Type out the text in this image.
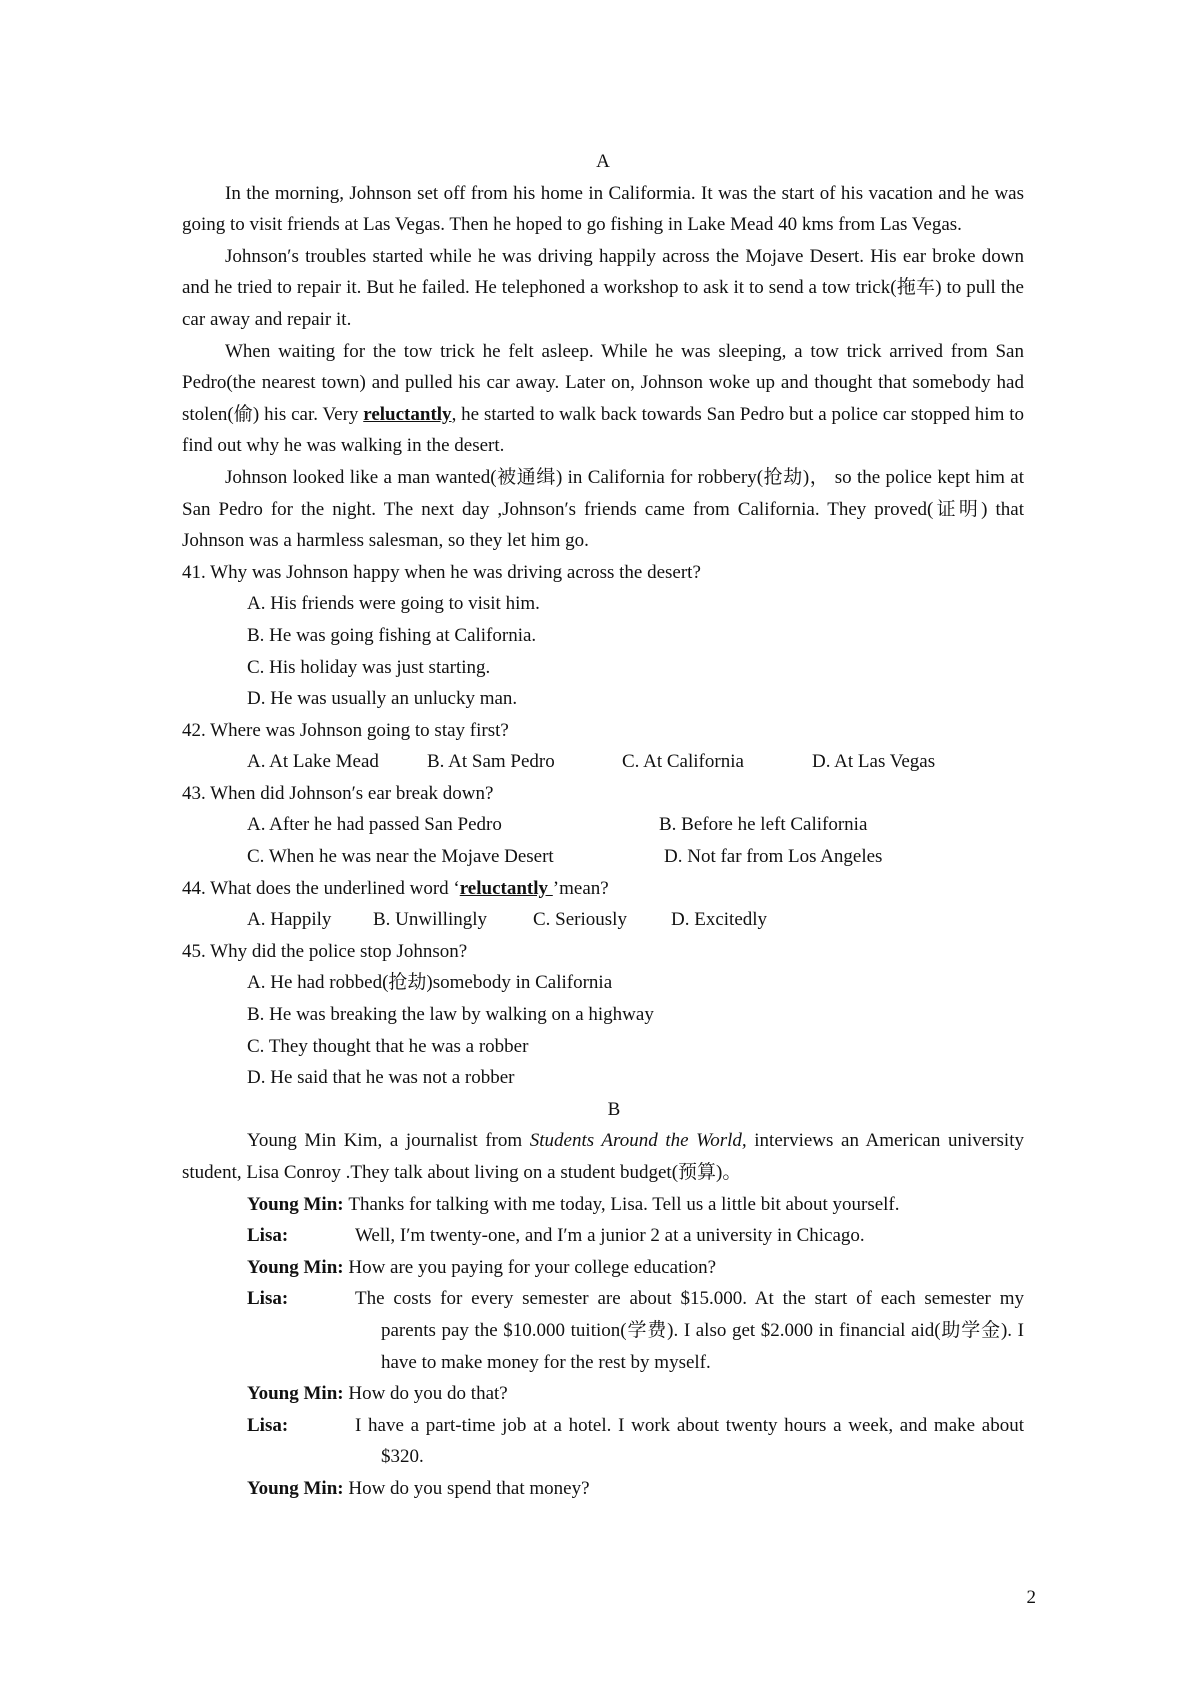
A
In the morning, Johnson set off from his home in Califormia. It was the start of his vacation and he was going to visit friends at Las Vegas. Then he hoped to go fishing in Lake Mead 40 kms from Las Vegas.
Johnson′s troubles started while he was driving happily across the Mojave Desert. His ear broke down and he tried to repair it. But he failed. He telephoned a workshop to ask it to send a tow trick(拖车) to pull the car away and repair it.
When waiting for the tow trick he felt asleep. While he was sleeping, a tow trick arrived from San Pedro(the nearest town) and pulled his car away. Later on, Johnson woke up and thought that somebody had stolen(偷) his car. Very reluctantly, he started to walk back towards San Pedro but a police car stopped him to find out why he was walking in the desert.
Johnson looked like a man wanted(被通缉) in California for robbery(抢劫)， so the police kept him at San Pedro for the night. The next day ,Johnson′s friends came from California. They proved(证明) that Johnson was a harmless salesman, so they let him go.
41. Why was Johnson happy when he was driving across the desert?
A. His friends were going to visit him.
B. He was going fishing at California.
C. His holiday was just starting.
D. He was usually an unlucky man.
42. Where was Johnson going to stay first?
A. At Lake Mead	B. At Sam Pedro	C. At California	D. At Las Vegas
43. When did Johnson′s ear break down?
A. After he had passed San Pedro	B. Before he left California
C. When he was near the Mojave Desert	D. Not far from Los Angeles
44. What does the underlined word ‘reluctantly ’mean?
A. Happily	B. Unwillingly	C. Seriously	D. Excitedly
45. Why did the police stop Johnson?
A. He had robbed(抢劫)somebody in California
B. He was breaking the law by walking on a highway
C. They thought that he was a robber
D. He said that he was not a robber
B
Young Min Kim, a journalist from Students Around the World, interviews an American university student, Lisa Conroy .They talk about living on a student budget(预算)。
Young Min:
Thanks for talking with me today, Lisa. Tell us a little bit about yourself.
Lisa:	Well, I′m twenty-one, and I′m a junior 2 at a university in Chicago.
Young Min:
How are you paying for your college education?
Lisa:	The costs for every semester are about $15.000. At the start of each semester my parents pay the $10.000 tuition(学费). I also get $2.000 in financial aid(助学金). I have to make money for the rest by myself.
Young Min:
How do you do that?
Lisa:	I have a part-time job at a hotel. I work about twenty hours a week, and make about $320.
Young Min:
How do you spend that money?
2
